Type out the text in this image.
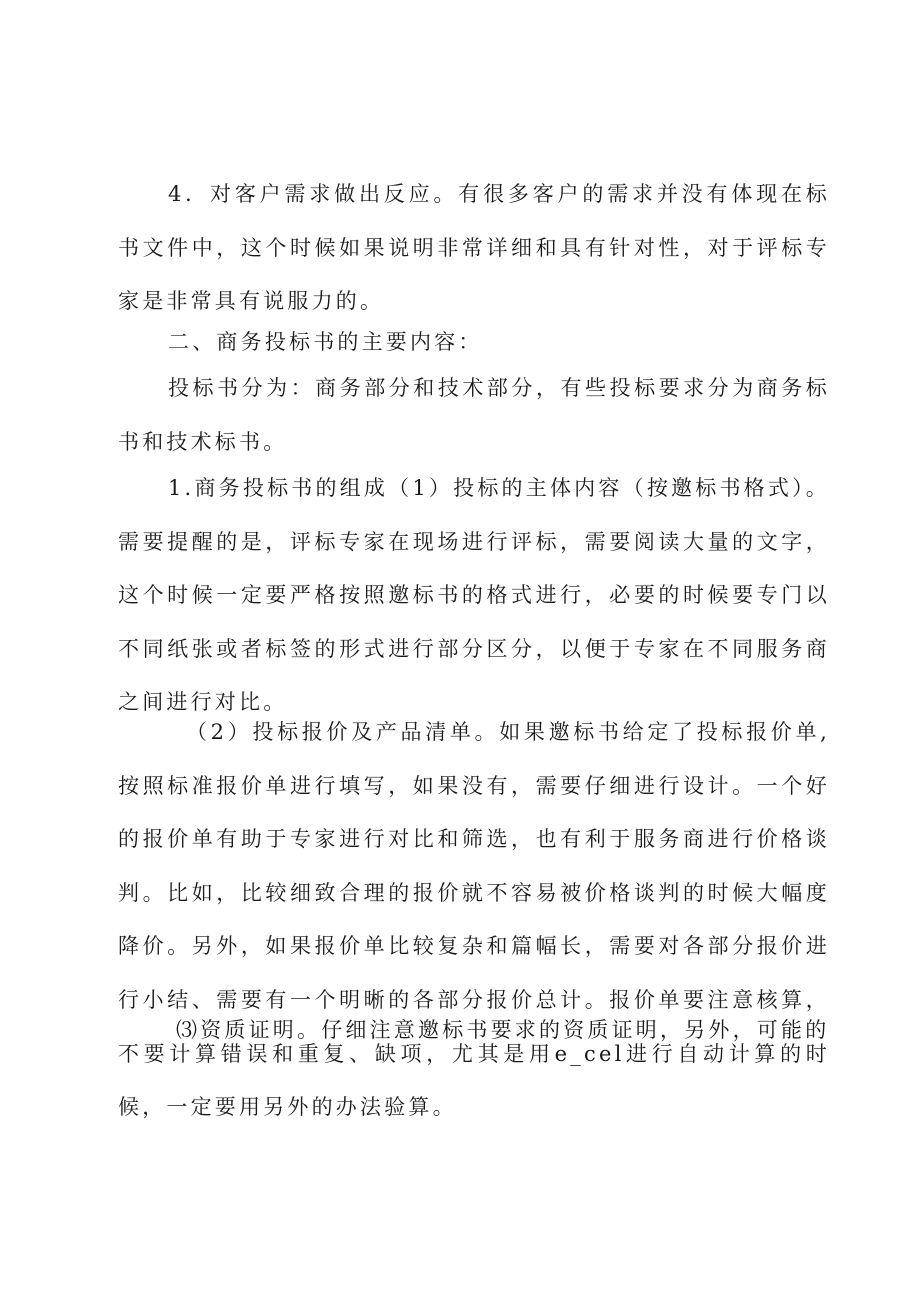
4．对客户需求做出反应。有很多客户的需求并没有体现在标书文件中，这个时候如果说明非常详细和具有针对性，对于评标专家是非常具有说服力的。

二、商务投标书的主要内容：

投标书分为：商务部分和技术部分，有些投标要求分为商务标书和技术标书。

1.商务投标书的组成（1）投标的主体内容（按邀标书格式）。需要提醒的是，评标专家在现场进行评标，需要阅读大量的文字，这个时候一定要严格按照邀标书的格式进行，必要的时候要专门以不同纸张或者标签的形式进行部分区分，以便于专家在不同服务商之间进行对比。

（2）投标报价及产品清单。如果邀标书给定了投标报价单,按照标准报价单进行填写，如果没有，需要仔细进行设计。一个好的报价单有助于专家进行对比和筛选，也有利于服务商进行价格谈判。比如，比较细致合理的报价就不容易被价格谈判的时候大幅度降价。另外，如果报价单比较复杂和篇幅长，需要对各部分报价进行小结、需要有一个明晰的各部分报价总计。报价单要注意核算，不要计算错误和重复、缺项，尤其是用e_cel进行自动计算的时候，一定要用另外的办法验算。

⑶资质证明。仔细注意邀标书要求的资质证明，另外，可能的
